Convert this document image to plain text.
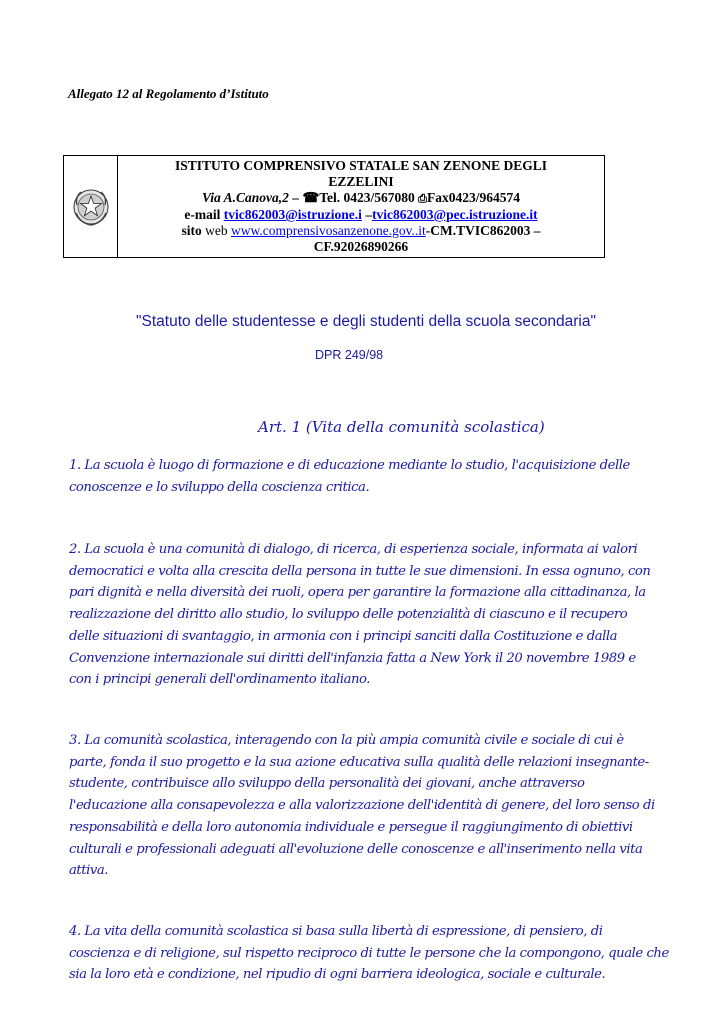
Allegato 12 al Regolamento d’Istituto
ISTITUTO COMPRENSIVO STATALE SAN ZENONE DEGLI
EZZELINI
Via A.Canova,2 – ☎Tel. 0423/567080 ⎙Fax0423/964574
e-mail tvic862003@istruzione.i –tvic862003@pec.istruzione.it
sito web www.comprensivosanzenone.gov..it-CM.TVIC862003 –
CF.92026890266
"Statuto delle studentesse e degli studenti della scuola secondaria"
DPR 249/98
Art. 1 (Vita della comunità scolastica)
1. La scuola è luogo di formazione e di educazione mediante lo studio, l'acquisizione delle
conoscenze e lo sviluppo della coscienza critica.
2. La scuola è una comunità di dialogo, di ricerca, di esperienza sociale, informata ai valori
democratici e volta alla crescita della persona in tutte le sue dimensioni. In essa ognuno, con
pari dignità e nella diversità dei ruoli, opera per garantire la formazione alla cittadinanza, la
realizzazione del diritto allo studio, lo sviluppo delle potenzialità di ciascuno e il recupero
delle situazioni di svantaggio, in armonia con i principi sanciti dalla Costituzione e dalla
Convenzione internazionale sui diritti dell'infanzia fatta a New York il 20 novembre 1989 e
con i principi generali dell'ordinamento italiano.
3. La comunità scolastica, interagendo con la più ampia comunità civile e sociale di cui è
parte, fonda il suo progetto e la sua azione educativa sulla qualità delle relazioni insegnante-
studente, contribuisce allo sviluppo della personalità dei giovani, anche attraverso
l'educazione alla consapevolezza e alla valorizzazione dell'identità di genere, del loro senso di
responsabilità e della loro autonomia individuale e persegue il raggiungimento di obiettivi
culturali e professionali adeguati all'evoluzione delle conoscenze e all'inserimento nella vita
attiva.
4. La vita della comunità scolastica si basa sulla libertà di espressione, di pensiero, di
coscienza e di religione, sul rispetto reciproco di tutte le persone che la compongono, quale che
sia la loro età e condizione, nel ripudio di ogni barriera ideologica, sociale e culturale.
